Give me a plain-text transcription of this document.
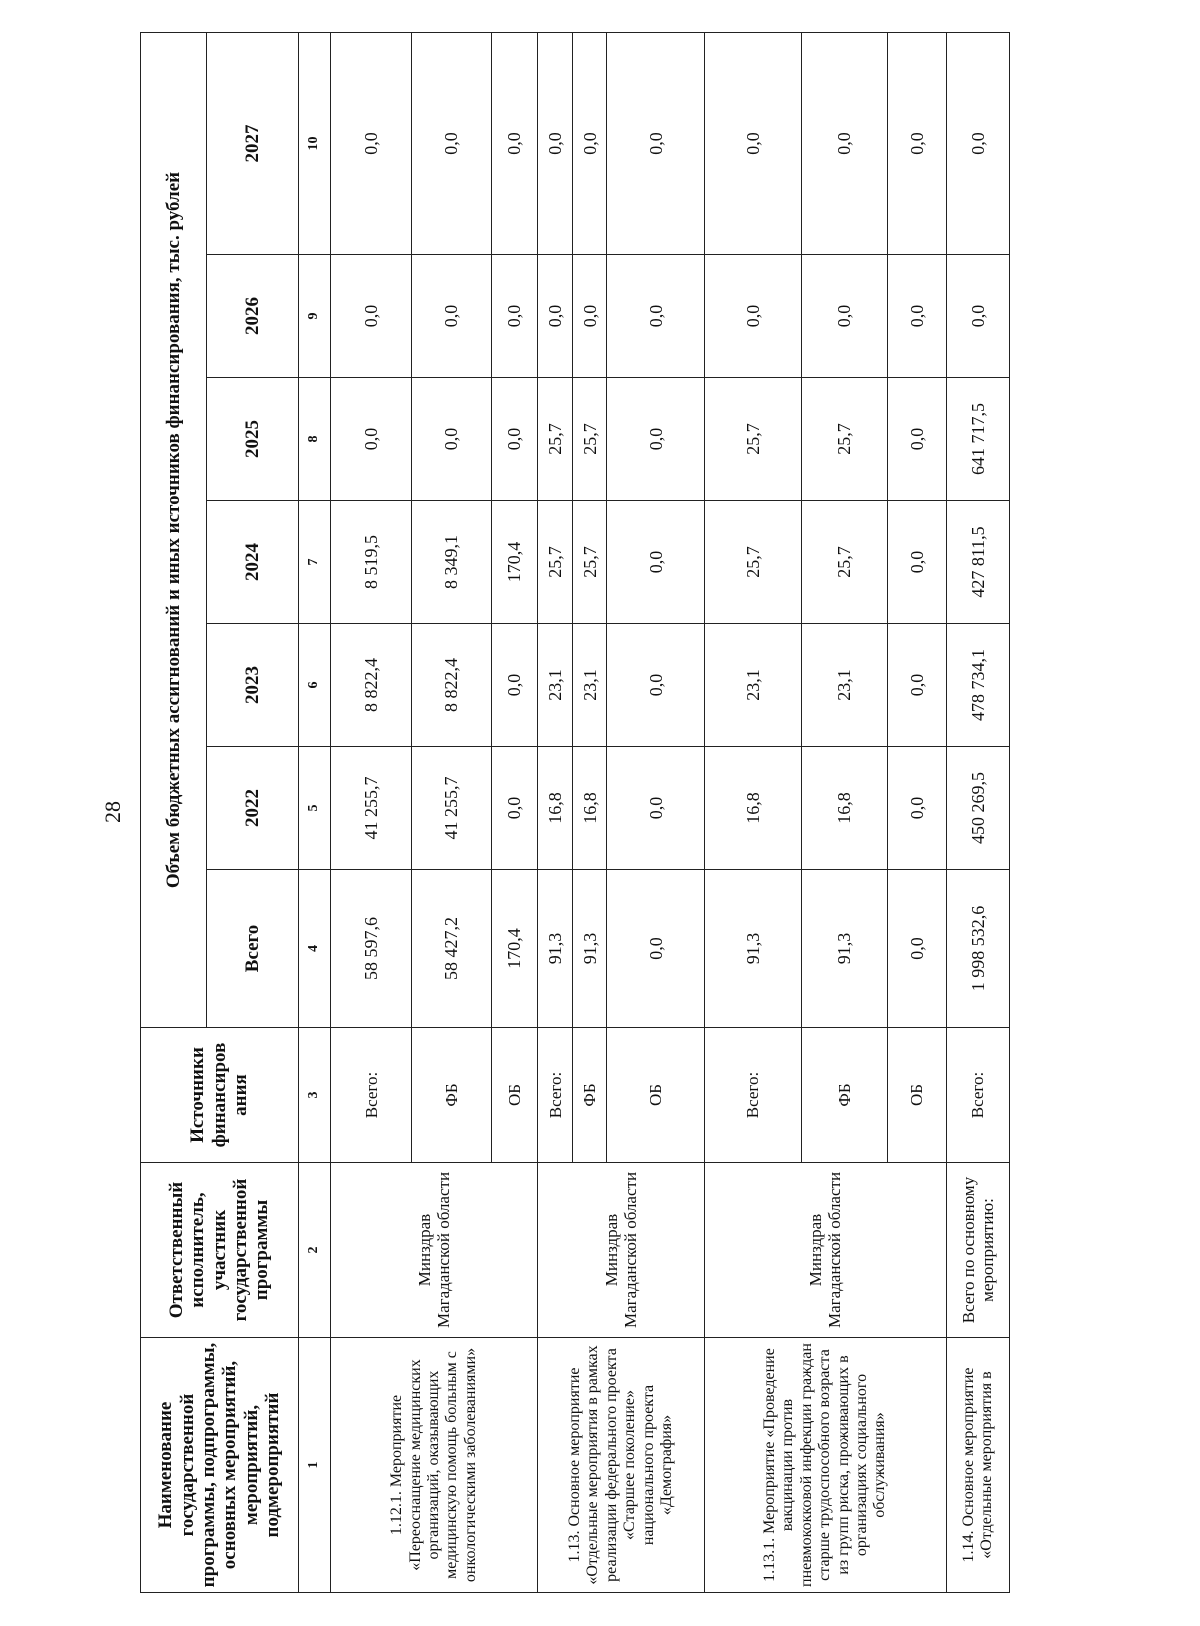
28
Наименование государственной программы, подпрограммы, основных мероприятий, мероприятий, подмероприятий	Ответственный исполнитель, участник государственной программы	Источники финансиров ания	Объем бюджетных ассигнований и иных источников финансирования, тыс. рублей						
			Всего	2022	2023	2024	2025	2026	2027
1	2	3	4	5	6	7	8	9	10
1.12.1. Мероприятие «Переоснащение медицинских организаций, оказывающих медицинскую помощь больным с онкологическими заболеваниями»	Минздрав Магаданской области	Всего:	58 597,6	41 255,7	8 822,4	8 519,5	0,0	0,0	0,0
		ФБ	58 427,2	41 255,7	8 822,4	8 349,1	0,0	0,0	0,0
		ОБ	170,4	0,0	0,0	170,4	0,0	0,0	0,0
1.13. Основное мероприятие «Отдельные мероприятия в рамках реализации федерального проекта «Старшее поколение» национального проекта «Демография»	Минздрав Магаданской области	Всего:	91,3	16,8	23,1	25,7	25,7	0,0	0,0
		ФБ	91,3	16,8	23,1	25,7	25,7	0,0	0,0
		ОБ	0,0	0,0	0,0	0,0	0,0	0,0	0,0
1.13.1. Мероприятие «Проведение вакцинации против пневмококковой инфекции граждан старше трудоспособного возраста из групп риска, проживающих в организациях социального обслуживания»	Минздрав Магаданской области	Всего:	91,3	16,8	23,1	25,7	25,7	0,0	0,0
		ФБ	91,3	16,8	23,1	25,7	25,7	0,0	0,0
		ОБ	0,0	0,0	0,0	0,0	0,0	0,0	0,0
1.14. Основное мероприятие «Отдельные мероприятия в	Всего по основному мероприятию:	Всего:	1 998 532,6	450 269,5	478 734,1	427 811,5	641 717,5	0,0	0,0
